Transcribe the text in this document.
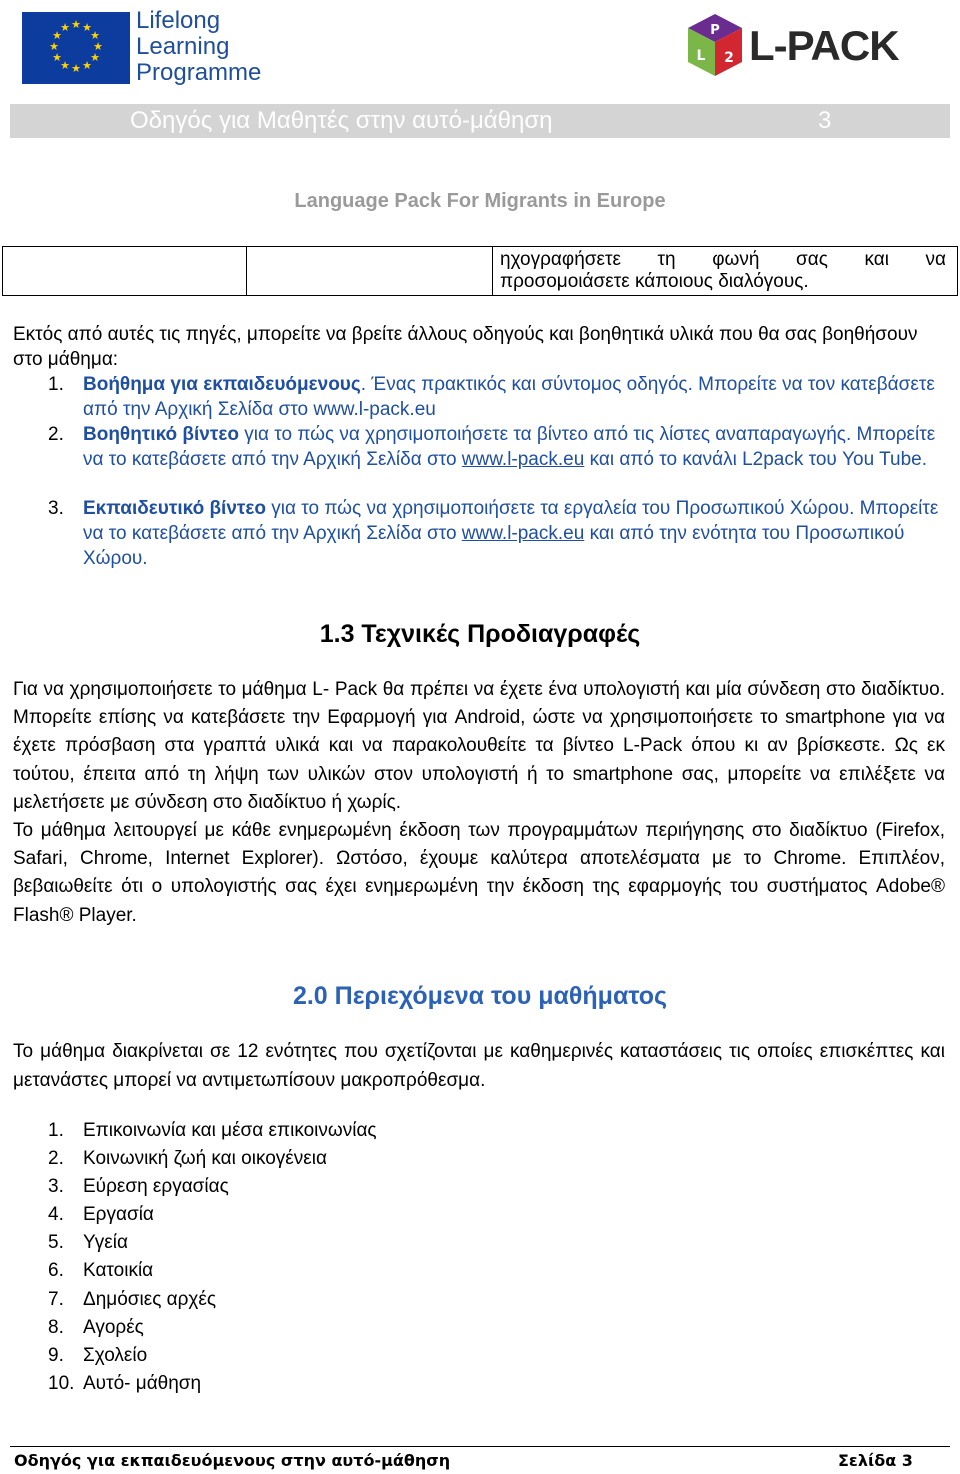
★ ★
★
★
★
★
★
★
★
★
★
★	Lifelong
Learning
Programme
P
L 2 L-PACK
Οδηγός για Μαθητές στην αυτό-μάθηση	3
Language Pack For Migrants in Europe
ηχογραφήσετε τη φωνή σας και να
προσομοιάσετε κάποιους διαλόγους.
Εκτός από αυτές τις πηγές, μπορείτε να βρείτε άλλους οδηγούς και βοηθητικά υλικά που θα σας βοηθήσουν στο μάθημα:
1. Βοήθημα για εκπαιδευόμενους. Ένας πρακτικός και σύντομος οδηγός. Μπορείτε να τον κατεβάσετε από την Αρχική Σελίδα στο www.l-pack.eu
2. Βοηθητικό βίντεο για το πώς να χρησιμοποιήσετε τα βίντεο από τις λίστες αναπαραγωγής. Μπορείτε να το κατεβάσετε από την Αρχική Σελίδα στο www.l-pack.eu και από το κανάλι L2pack του You Tube.
3. Εκπαιδευτικό βίντεο για το πώς να χρησιμοποιήσετε τα εργαλεία του Προσωπικού Χώρου. Μπορείτε να το κατεβάσετε από την Αρχική Σελίδα στο www.l-pack.eu και από την ενότητα του Προσωπικού Χώρου.
1.3 Τεχνικές Προδιαγραφές
Για να χρησιμοποιήσετε το μάθημα L- Pack θα πρέπει να έχετε ένα υπολογιστή και μία σύνδεση στο διαδίκτυο. Μπορείτε επίσης να κατεβάσετε την Εφαρμογή για Android, ώστε να χρησιμοποιήσετε το smartphone για να έχετε πρόσβαση στα γραπτά υλικά και να παρακολουθείτε τα βίντεο L-Pack όπου κι αν βρίσκεστε. Ως εκ τούτου, έπειτα από τη λήψη των υλικών στον υπολογιστή ή το smartphone σας, μπορείτε να επιλέξετε να μελετήσετε με σύνδεση στο διαδίκτυο ή χωρίς.
Το μάθημα λειτουργεί με κάθε ενημερωμένη έκδοση των προγραμμάτων περιήγησης στο διαδίκτυο (Firefox, Safari, Chrome, Internet Explorer). Ωστόσο, έχουμε καλύτερα αποτελέσματα με το Chrome. Επιπλέον, βεβαιωθείτε ότι ο υπολογιστής σας έχει ενημερωμένη την έκδοση της εφαρμογής του συστήματος Adobe® Flash® Player.
2.0 Περιεχόμενα του μαθήματος
Το μάθημα διακρίνεται σε 12 ενότητες που σχετίζονται με καθημερινές καταστάσεις τις οποίες επισκέπτες και μετανάστες μπορεί να αντιμετωπίσουν μακροπρόθεσμα.
1. Επικοινωνία και μέσα επικοινωνίας
2. Κοινωνική ζωή και οικογένεια
3. Εύρεση εργασίας
4. Εργασία
5. Υγεία
6. Κατοικία
7. Δημόσιες αρχές
8. Αγορές
9. Σχολείο
10. Αυτό- μάθηση
Οδηγός για εκπαιδευόμενους στην αυτό-μάθηση	Σελίδα 3
